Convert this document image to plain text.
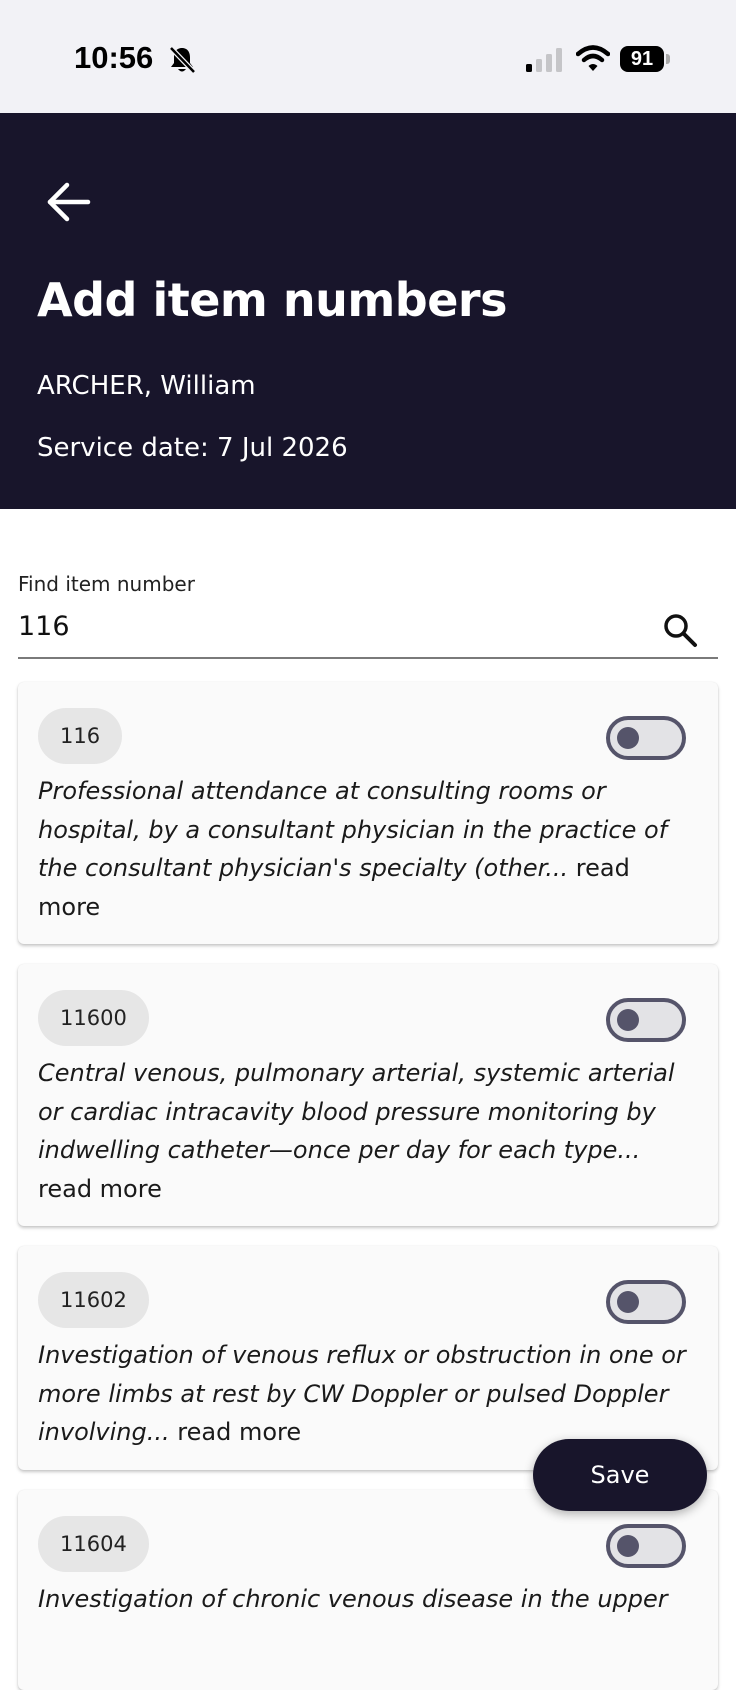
10:56	91
Add item numbers
ARCHER, William
Service date: 7 Jul 2026
Find item number
116
116

Professional attendance at consulting rooms or hospital, by a consultant physician in the practice of the consultant physician's specialty (other... read more

11600

Central venous, pulmonary arterial, systemic arterial or cardiac intracavity blood pressure monitoring by indwelling catheter—once per day for each type... read more

11602

Investigation of venous reflux or obstruction in one or more limbs at rest by CW Doppler or pulsed Doppler involving... read more

11604

Investigation of chronic venous disease in the upper

Save
